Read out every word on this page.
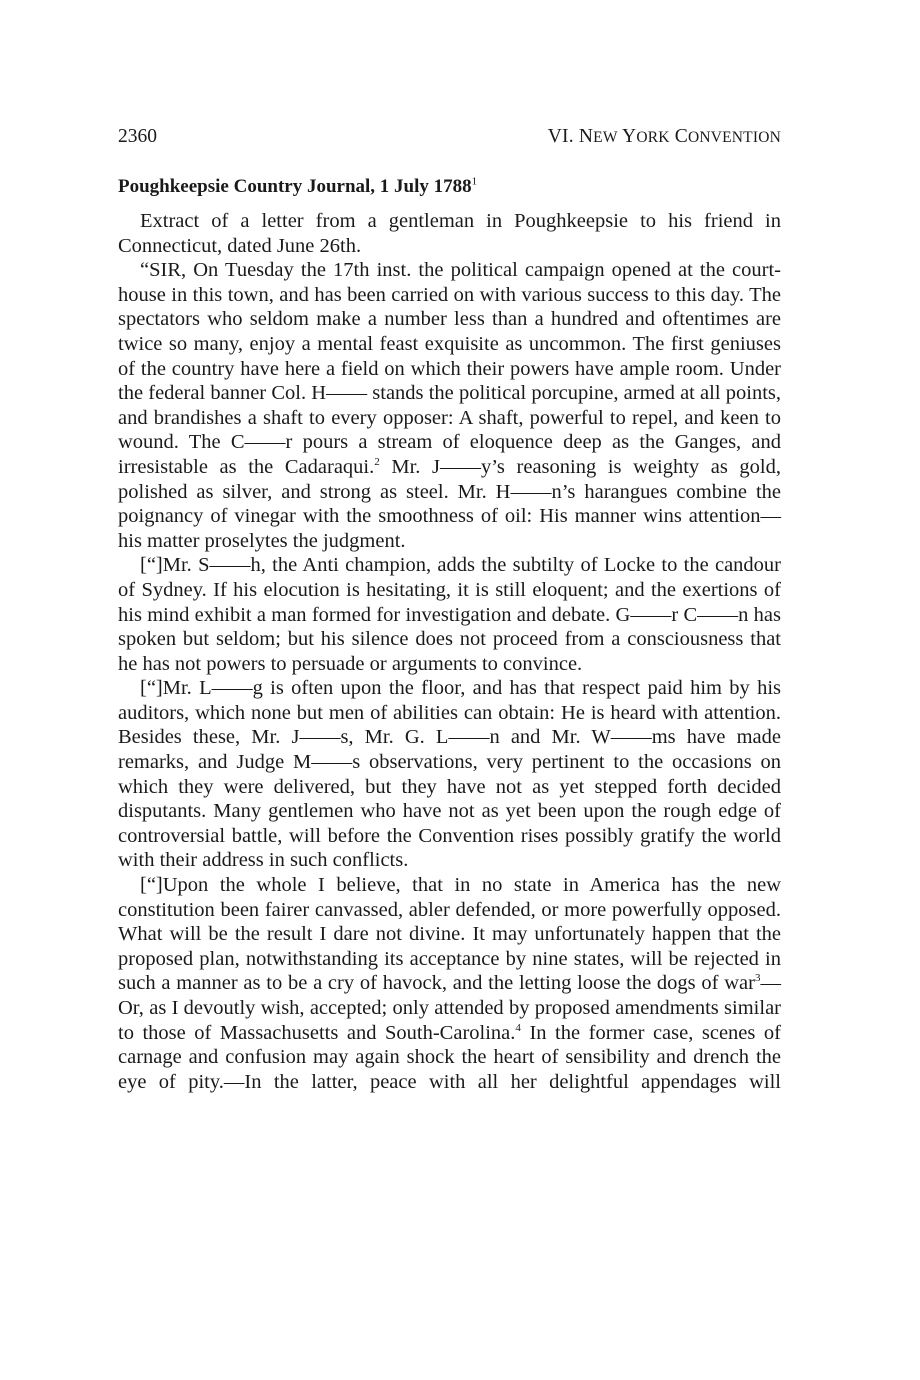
2360	VI. NEW YORK CONVENTION
Poughkeepsie Country Journal, 1 July 1788$^1$

Extract of a letter from a gentleman in Poughkeepsie to his friend in Connecticut, dated June 26th.

“SIR, On Tuesday the 17th inst. the political campaign opened at the court-house in this town, and has been carried on with various success to this day. The spectators who seldom make a number less than a hundred and oftentimes are twice so many, enjoy a mental feast exquisite as uncommon. The first geniuses of the country have here a field on which their powers have ample room. Under the federal banner Col. H—— stands the political porcupine, armed at all points, and brandishes a shaft to every opposer: A shaft, powerful to repel, and keen to wound. The C——r pours a stream of eloquence deep as the Ganges, and irresistable as the Cadaraqui.$^2$ Mr. J——y’s reasoning is weighty as gold, polished as silver, and strong as steel. Mr. H——n’s harangues combine the poignancy of vinegar with the smoothness of oil: His manner wins attention—his matter proselytes the judgment.

[“]Mr. S——h, the Anti champion, adds the subtilty of Locke to the candour of Sydney. If his elocution is hesitating, it is still eloquent; and the exertions of his mind exhibit a man formed for investigation and debate. G——r C——n has spoken but seldom; but his silence does not proceed from a consciousness that he has not powers to persuade or arguments to convince.

[“]Mr. L——g is often upon the floor, and has that respect paid him by his auditors, which none but men of abilities can obtain: He is heard with attention. Besides these, Mr. J——s, Mr. G. L——n and Mr. W——ms have made remarks, and Judge M——s observations, very pertinent to the occasions on which they were delivered, but they have not as yet stepped forth decided disputants. Many gentlemen who have not as yet been upon the rough edge of controversial battle, will before the Convention rises possibly gratify the world with their address in such conflicts.

[“]Upon the whole I believe, that in no state in America has the new constitution been fairer canvassed, abler defended, or more powerfully opposed. What will be the result I dare not divine. It may unfortunately happen that the proposed plan, notwithstanding its acceptance by nine states, will be rejected in such a manner as to be a cry of havock, and the letting loose the dogs of war$^3$—Or, as I devoutly wish, accepted; only attended by proposed amendments similar to those of Massachusetts and South-Carolina.$^4$ In the former case, scenes of carnage and confusion may again shock the heart of sensibility and drench the eye of pity.—In the latter, peace with all her delightful appendages will
